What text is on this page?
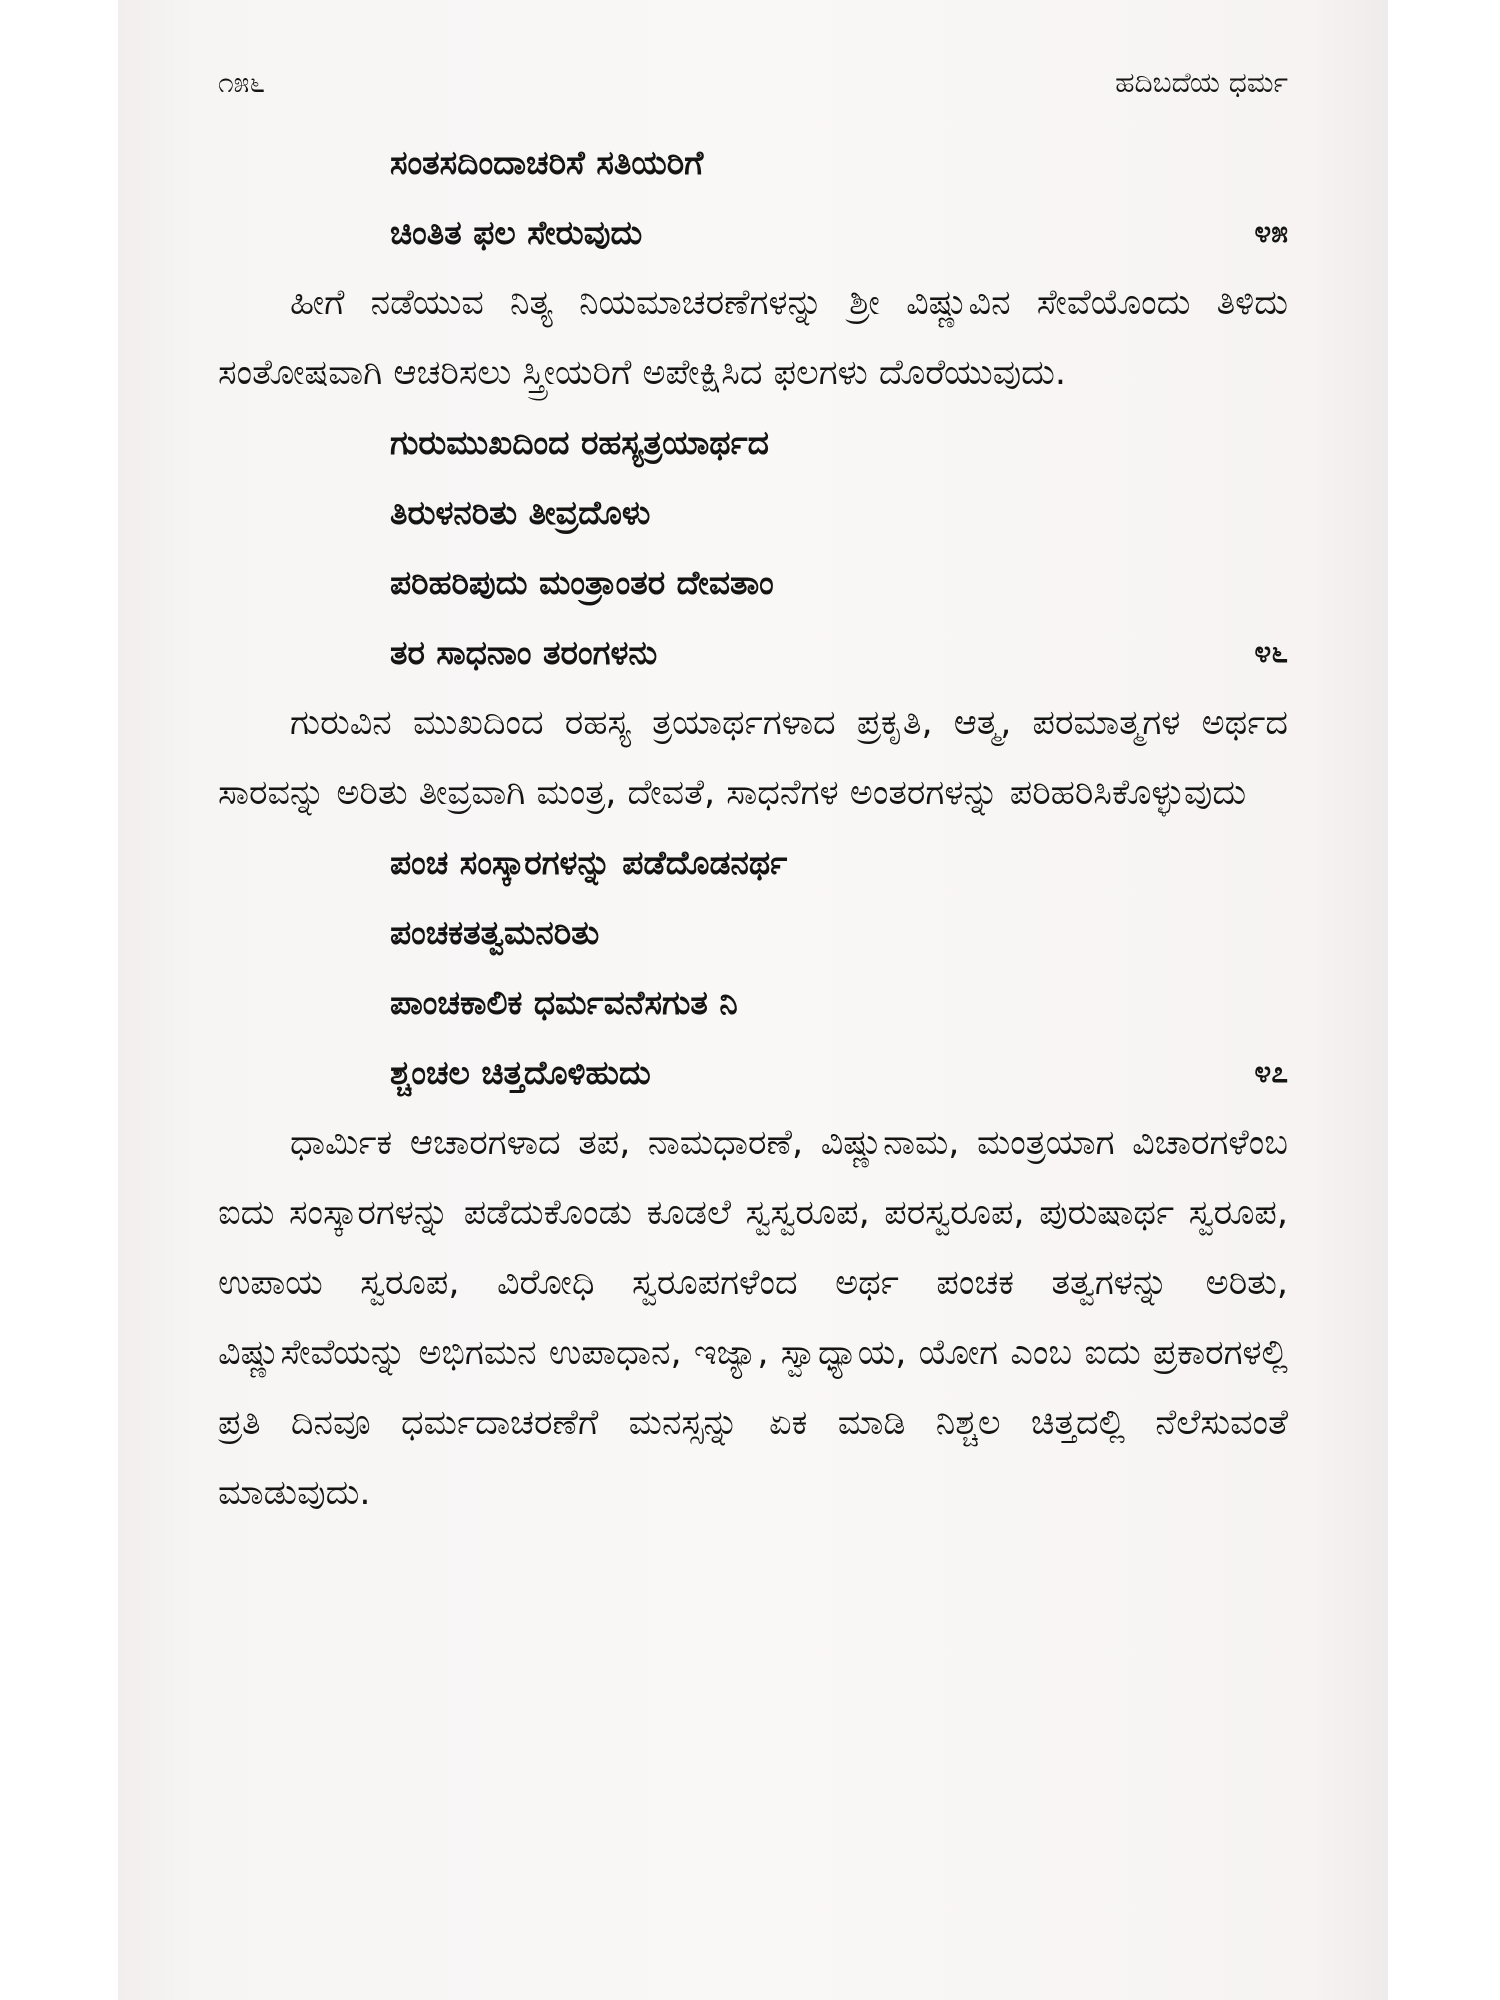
೧೫೬	ಹದಿಬದೆಯ ಧರ್ಮ
ಸಂತಸದಿಂದಾಚರಿಸೆ ಸತಿಯರಿಗೆ
ಚಿಂತಿತ ಫಲ ಸೇರುವುದು	೪೫

ಹೀಗೆ ನಡೆಯುವ ನಿತ್ಯ ನಿಯಮಾಚರಣೆಗಳನ್ನು ಶ್ರೀ ವಿಷ್ಣುವಿನ ಸೇವೆಯೊಂದು ತಿಳಿದು ಸಂತೋಷವಾಗಿ ಆಚರಿಸಲು ಸ್ತ್ರೀಯರಿಗೆ ಅಪೇಕ್ಷಿಸಿದ ಫಲಗಳು ದೊರೆಯುವುದು.

ಗುರುಮುಖದಿಂದ ರಹಸ್ಯತ್ರಯಾರ್ಥದ
ತಿರುಳನರಿತು ತೀವ್ರದೊಳು
ಪರಿಹರಿಪುದು ಮಂತ್ರಾಂತರ ದೇವತಾಂ
ತರ ಸಾಧನಾಂ ತರಂಗಳನು	೪೬

ಗುರುವಿನ ಮುಖದಿಂದ ರಹಸ್ಯ ತ್ರಯಾರ್ಥಗಳಾದ ಪ್ರಕೃತಿ, ಆತ್ಮ, ಪರಮಾತ್ಮಗಳ ಅರ್ಥದ ಸಾರವನ್ನು ಅರಿತು ತೀವ್ರವಾಗಿ ಮಂತ್ರ, ದೇವತೆ, ಸಾಧನೆಗಳ ಅಂತರಗಳನ್ನು ಪರಿಹರಿಸಿಕೊಳ್ಳುವುದು

ಪಂಚ ಸಂಸ್ಕಾರಗಳನ್ನು ಪಡೆದೊಡನರ್ಥ
ಪಂಚಕತತ್ವಮನರಿತು
ಪಾಂಚಕಾಲಿಕ ಧರ್ಮವನೆಸಗುತ ನಿ
ಶ್ಚಂಚಲ ಚಿತ್ತದೊಳಿಹುದು	೪೭

ಧಾರ್ಮಿಕ ಆಚಾರಗಳಾದ ತಪ, ನಾಮಧಾರಣೆ, ವಿಷ್ಣುನಾಮ, ಮಂತ್ರಯಾಗ ವಿಚಾರಗಳೆಂಬ ಐದು ಸಂಸ್ಕಾರಗಳನ್ನು ಪಡೆದುಕೊಂಡು ಕೂಡಲೆ ಸ್ವಸ್ವರೂಪ, ಪರಸ್ವರೂಪ, ಪುರುಷಾರ್ಥ ಸ್ವರೂಪ, ಉಪಾಯ ಸ್ವರೂಪ, ವಿರೋಧಿ ಸ್ವರೂಪಗಳೆಂದ ಅರ್ಥ ಪಂಚಕ ತತ್ವಗಳನ್ನು ಅರಿತು, ವಿಷ್ಣುಸೇವೆಯನ್ನು ಅಭಿಗಮನ ಉಪಾಧಾನ, ಇಜ್ಯಾ, ಸ್ವಾಧ್ಯಾಯ, ಯೋಗ ಎಂಬ ಐದು ಪ್ರಕಾರಗಳಲ್ಲಿ ಪ್ರತಿ ದಿನವೂ ಧರ್ಮದಾಚರಣೆಗೆ ಮನಸ್ಸನ್ನು ಏಕ ಮಾಡಿ ನಿಶ್ಚಲ ಚಿತ್ತದಲ್ಲಿ ನೆಲೆಸುವಂತೆ ಮಾಡುವುದು.
